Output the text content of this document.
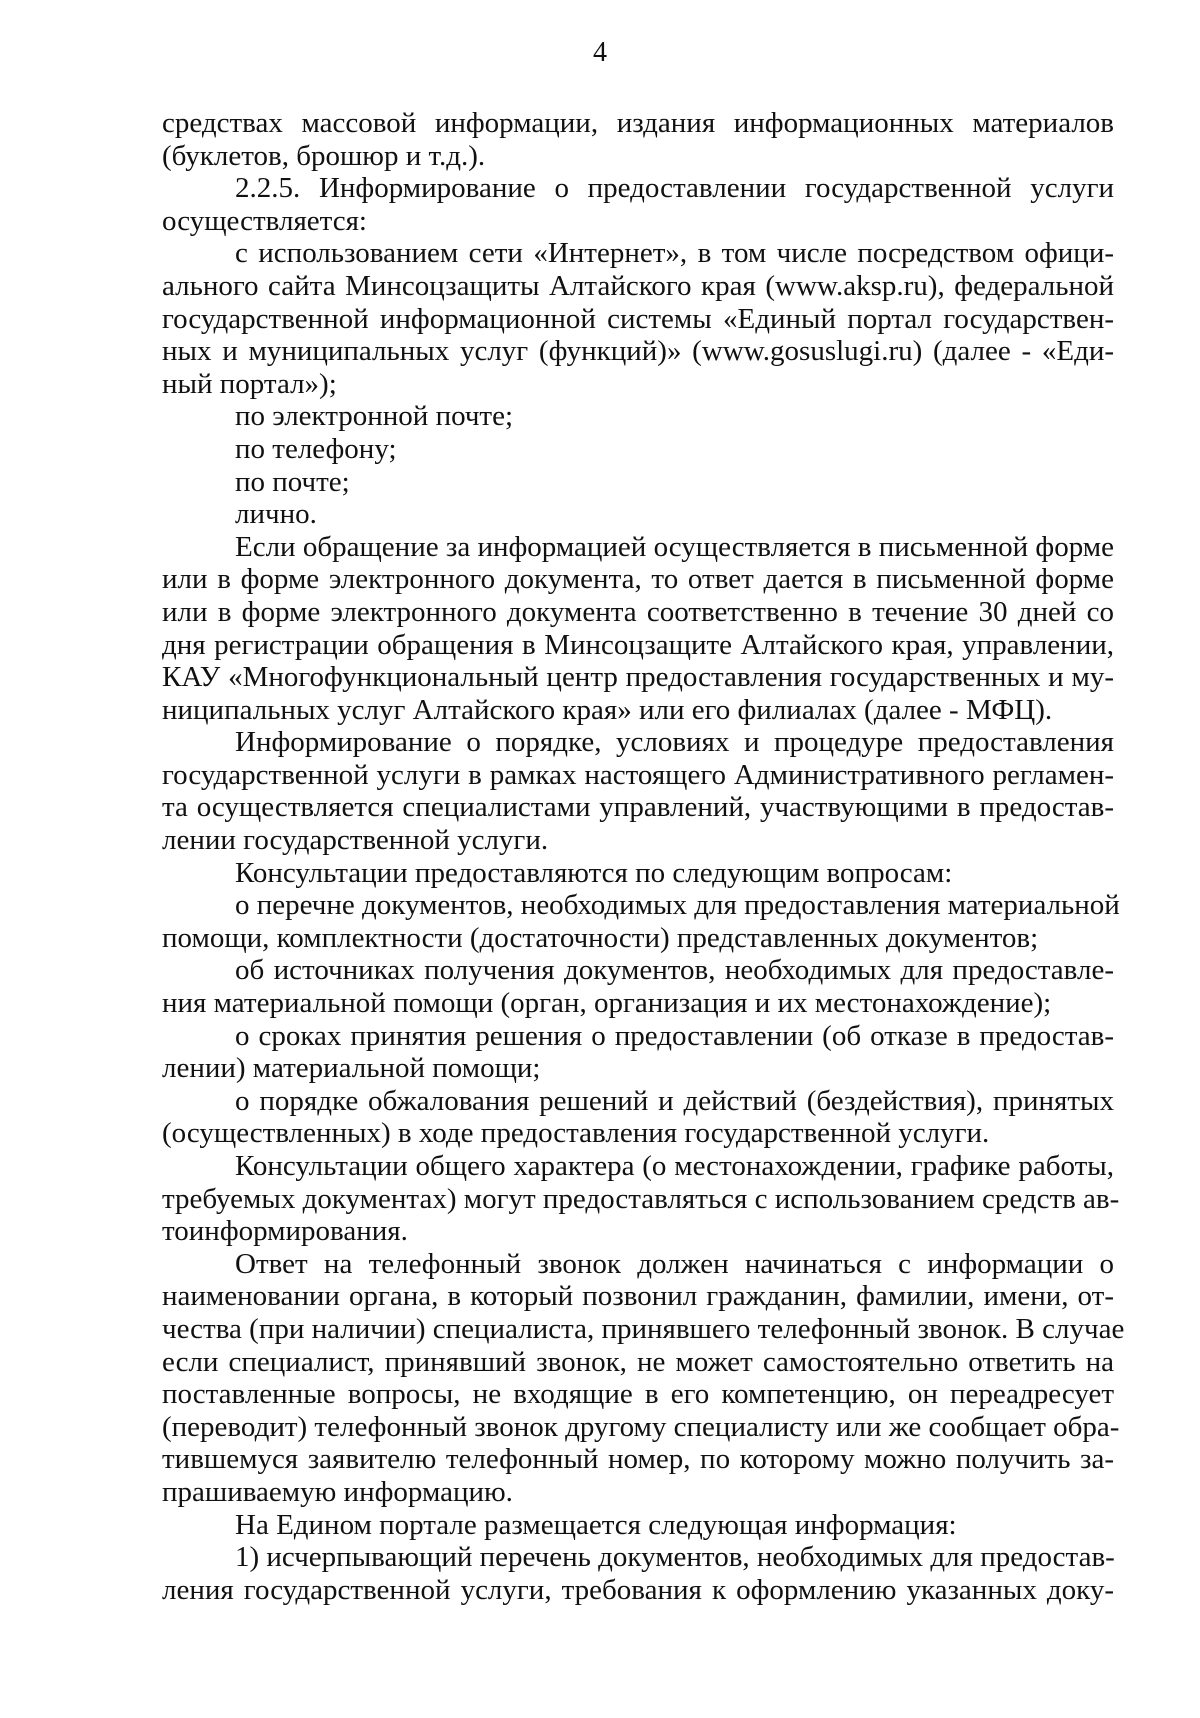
4
средствах массовой информации, издания информационных материалов
(буклетов, брошюр и т.д.).
2.2.5. Информирование о предоставлении государственной услуги
осуществляется:
с использованием сети «Интернет», в том числе посредством офици-
ального сайта Минсоцзащиты Алтайского края (www.aksp.ru), федеральной
государственной информационной системы «Единый портал государствен-
ных и муниципальных услуг (функций)» (www.gosuslugi.ru) (далее - «Еди-
ный портал»);
по электронной почте;
по телефону;
по почте;
лично.
Если обращение за информацией осуществляется в письменной форме
или в форме электронного документа, то ответ дается в письменной форме
или в форме электронного документа соответственно в течение 30 дней со
дня регистрации обращения в Минсоцзащите Алтайского края, управлении,
КАУ «Многофункциональный центр предоставления государственных и му-
ниципальных услуг Алтайского края» или его филиалах (далее - МФЦ).
Информирование о порядке, условиях и процедуре предоставления
государственной услуги в рамках настоящего Административного регламен-
та осуществляется специалистами управлений, участвующими в предостав-
лении государственной услуги.
Консультации предоставляются по следующим вопросам:
о перечне документов, необходимых для предоставления материальной
помощи, комплектности (достаточности) представленных документов;
об источниках получения документов, необходимых для предоставле-
ния материальной помощи (орган, организация и их местонахождение);
о сроках принятия решения о предоставлении (об отказе в предостав-
лении) материальной помощи;
о порядке обжалования решений и действий (бездействия), принятых
(осуществленных) в ходе предоставления государственной услуги.
Консультации общего характера (о местонахождении, графике работы,
требуемых документах) могут предоставляться с использованием средств ав-
тоинформирования.
Ответ на телефонный звонок должен начинаться с информации о
наименовании органа, в который позвонил гражданин, фамилии, имени, от-
чества (при наличии) специалиста, принявшего телефонный звонок. В случае
если специалист, принявший звонок, не может самостоятельно ответить на
поставленные вопросы, не входящие в его компетенцию, он переадресует
(переводит) телефонный звонок другому специалисту или же сообщает обра-
тившемуся заявителю телефонный номер, по которому можно получить за-
прашиваемую информацию.
На Едином портале размещается следующая информация:
1) исчерпывающий перечень документов, необходимых для предостав-
ления государственной услуги, требования к оформлению указанных доку-
